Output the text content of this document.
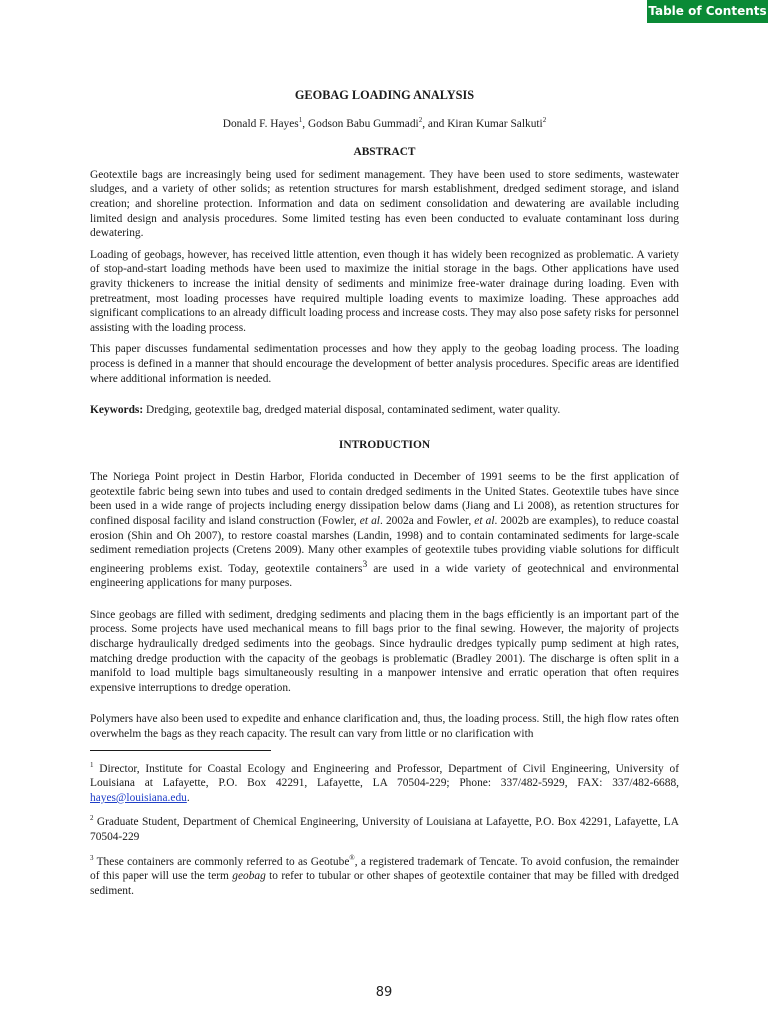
Table of Contents
GEOBAG LOADING ANALYSIS
Donald F. Hayes$^1$, Godson Babu Gummadi$^2$, and Kiran Kumar Salkuti$^2$
ABSTRACT

Geotextile bags are increasingly being used for sediment management. They have been used to store sediments, wastewater sludges, and a variety of other solids; as retention structures for marsh establishment, dredged sediment storage, and island creation; and shoreline protection. Information and data on sediment consolidation and dewatering are available including limited design and analysis procedures. Some limited testing has even been conducted to evaluate contaminant loss during dewatering.

Loading of geobags, however, has received little attention, even though it has widely been recognized as problematic. A variety of stop-and-start loading methods have been used to maximize the initial storage in the bags. Other applications have used gravity thickeners to increase the initial density of sediments and minimize free-water drainage during loading. Even with pretreatment, most loading processes have required multiple loading events to maximize loading. These approaches add significant complications to an already difficult loading process and increase costs. They may also pose safety risks for personnel assisting with the loading process.

This paper discusses fundamental sedimentation processes and how they apply to the geobag loading process. The loading process is defined in a manner that should encourage the development of better analysis procedures. Specific areas are identified where additional information is needed.

Keywords: Dredging, geotextile bag, dredged material disposal, contaminated sediment, water quality.

INTRODUCTION

The Noriega Point project in Destin Harbor, Florida conducted in December of 1991 seems to be the first application of geotextile fabric being sewn into tubes and used to contain dredged sediments in the United States. Geotextile tubes have since been used in a wide range of projects including energy dissipation below dams (Jiang and Li 2008), as retention structures for confined disposal facility and island construction (Fowler, et al. 2002a and Fowler, et al. 2002b are examples), to reduce coastal erosion (Shin and Oh 2007), to restore coastal marshes (Landin, 1998) and to contain contaminated sediments for large-scale sediment remediation projects (Cretens 2009). Many other examples of geotextile tubes providing viable solutions for difficult engineering problems exist. Today, geotextile containers$^3$ are used in a wide variety of geotechnical and environmental engineering applications for many purposes.

Since geobags are filled with sediment, dredging sediments and placing them in the bags efficiently is an important part of the process. Some projects have used mechanical means to fill bags prior to the final sewing. However, the majority of projects discharge hydraulically dredged sediments into the geobags. Since hydraulic dredges typically pump sediment at high rates, matching dredge production with the capacity of the geobags is problematic (Bradley 2001). The discharge is often split in a manifold to load multiple bags simultaneously resulting in a manpower intensive and erratic operation that often requires expensive interruptions to dredge operation.

Polymers have also been used to expedite and enhance clarification and, thus, the loading process. Still, the high flow rates often overwhelm the bags as they reach capacity. The result can vary from little or no clarification with

$^1$ Director, Institute for Coastal Ecology and Engineering and Professor, Department of Civil Engineering, University of Louisiana at Lafayette, P.O. Box 42291, Lafayette, LA 70504-229; Phone: 337/482-5929, FAX: 337/482-6688, hayes@louisiana.edu.

$^2$ Graduate Student, Department of Chemical Engineering, University of Louisiana at Lafayette, P.O. Box 42291, Lafayette, LA 70504-229

$^3$ These containers are commonly referred to as Geotube®, a registered trademark of Tencate. To avoid confusion, the remainder of this paper will use the term geobag to refer to tubular or other shapes of geotextile container that may be filled with dredged sediment.

89
